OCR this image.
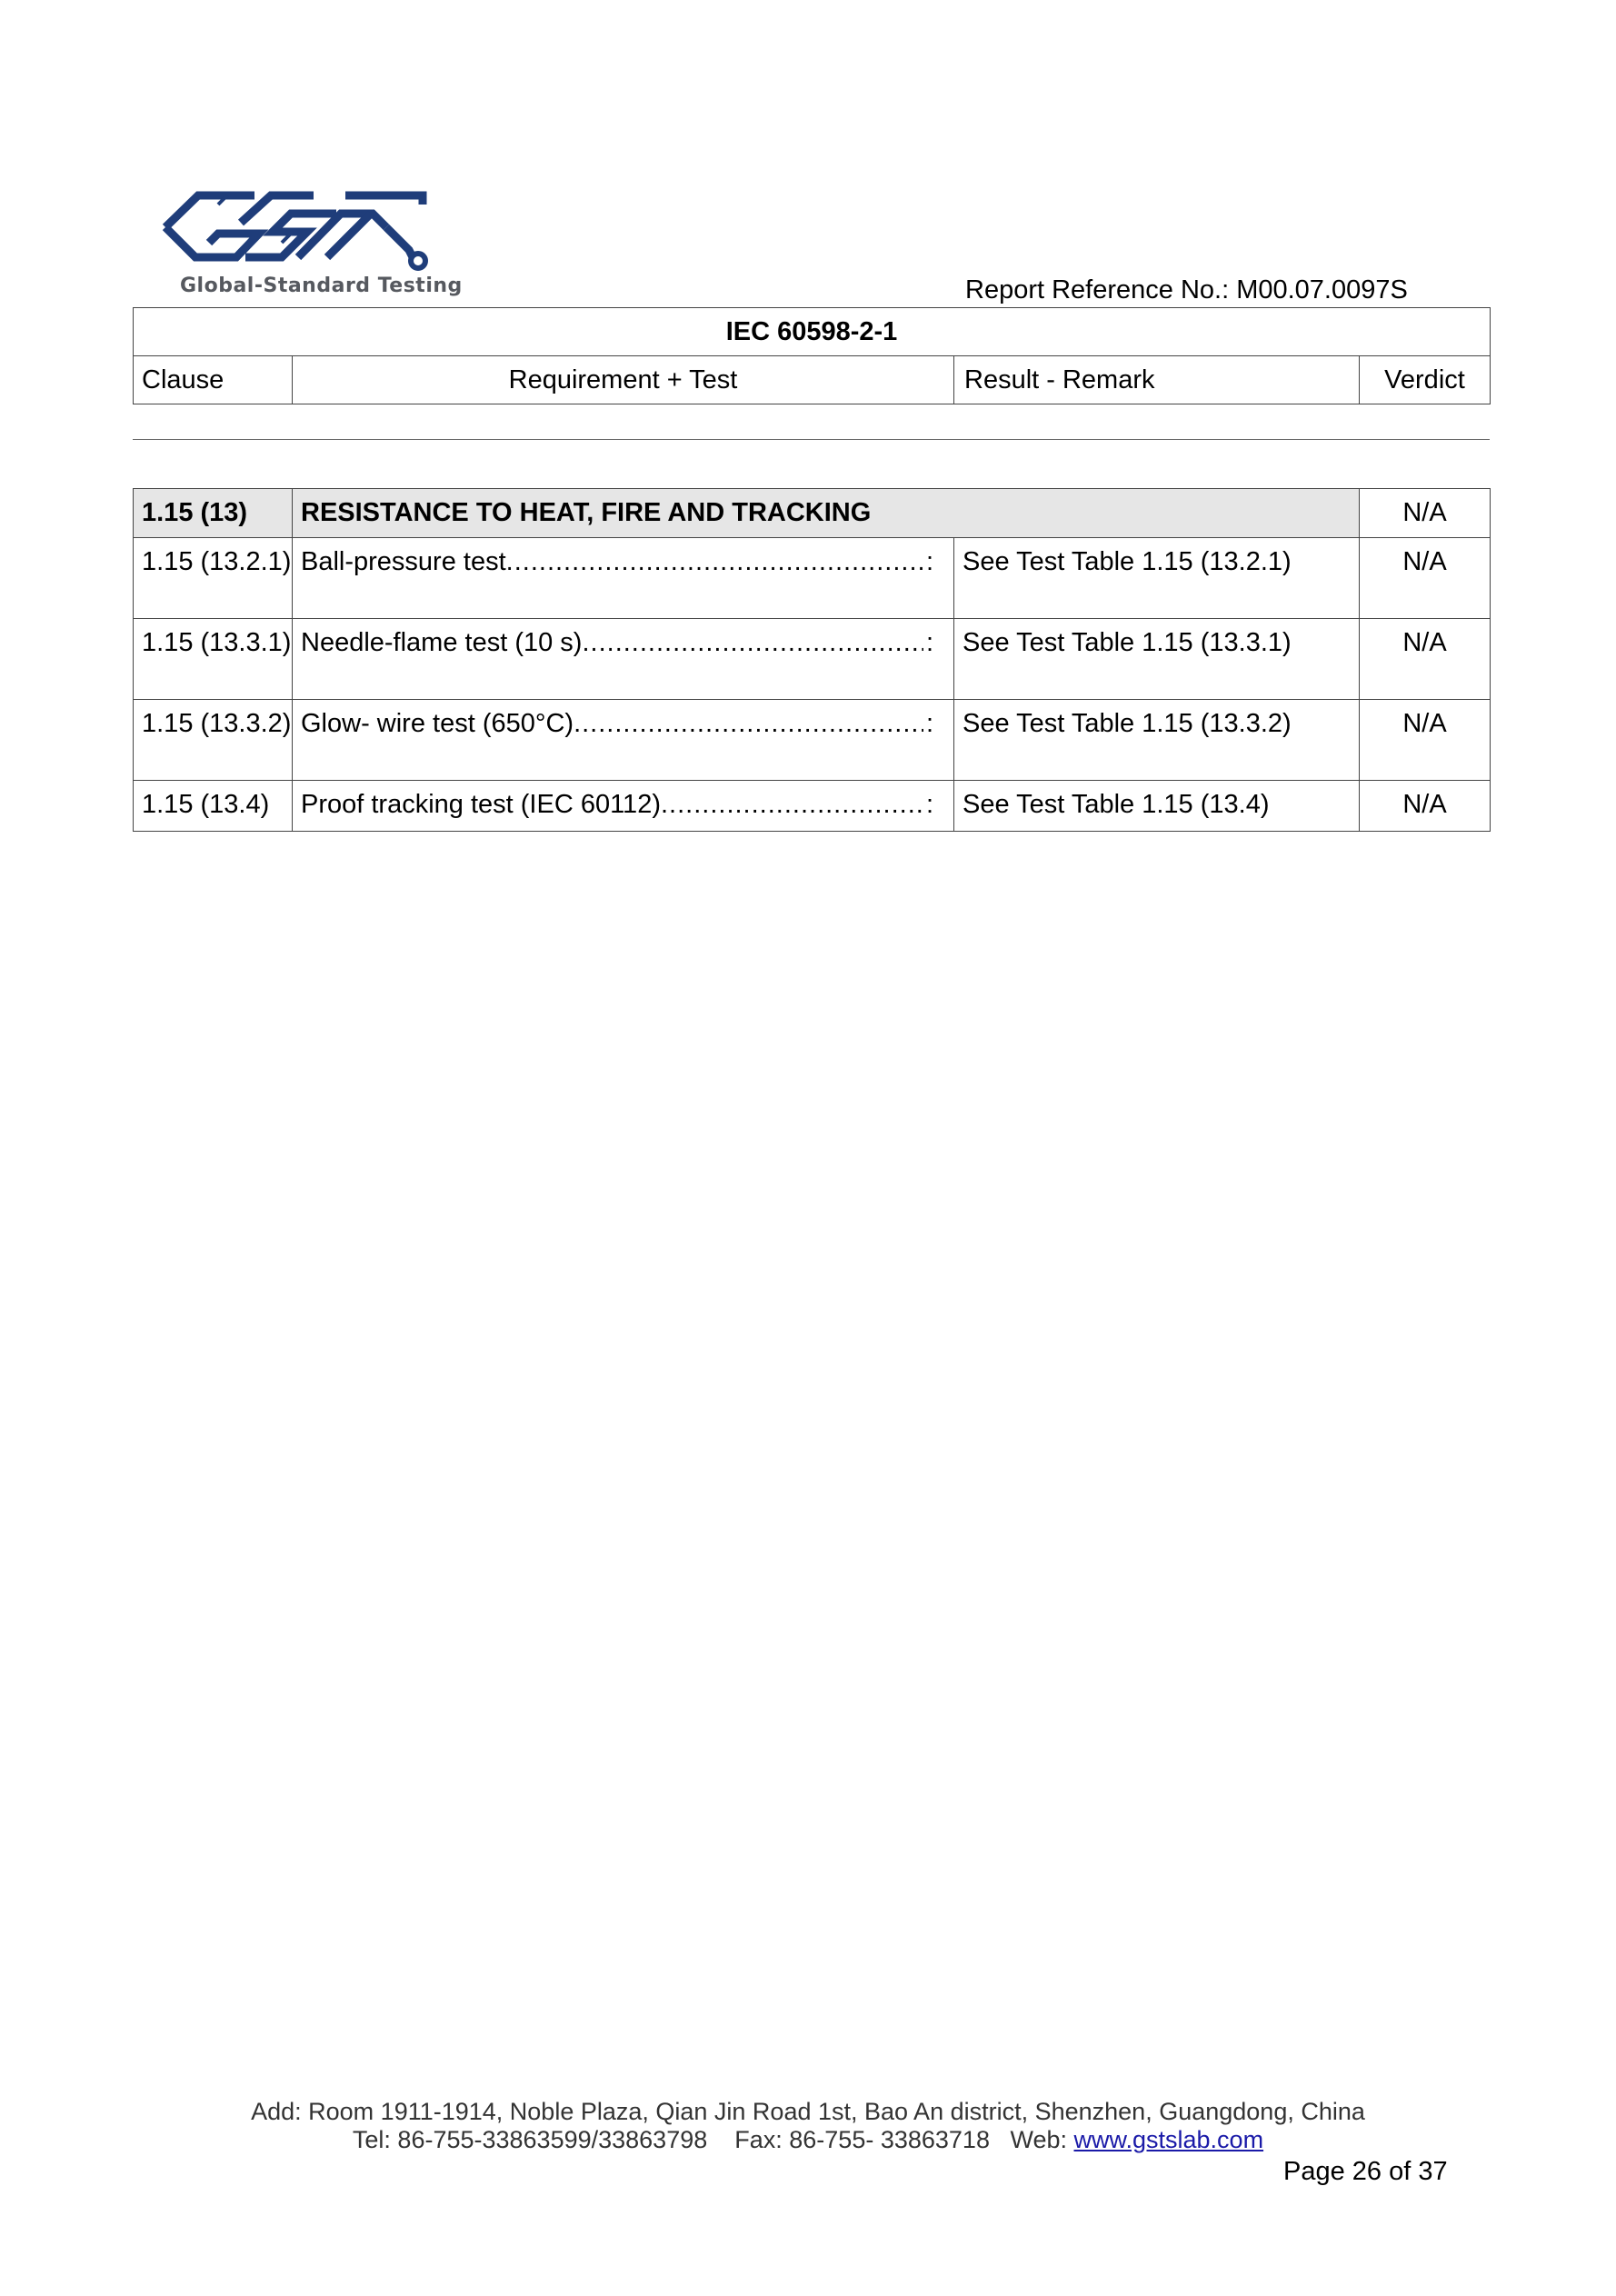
Global-Standard Testing	Report Reference No.: M00.07.0097S
IEC 60598-2-1
Clause	Requirement + Test	Result - Remark	Verdict
1.15 (13)	RESISTANCE TO HEAT, FIRE AND TRACKING		N/A
1.15 (13.2.1)	Ball-pressure test ..... :	See Test Table 1.15 (13.2.1)	N/A
1.15 (13.3.1)	Needle-flame test (10 s) ..... :	See Test Table 1.15 (13.3.1)	N/A
1.15 (13.3.2)	Glow- wire test (650°C) ..... :	See Test Table 1.15 (13.3.2)	N/A
1.15 (13.4)	Proof tracking test (IEC 60112) ..... :	See Test Table 1.15 (13.4)	N/A
Add: Room 1911-1914, Noble Plaza, Qian Jin Road 1st, Bao An district, Shenzhen, Guangdong, China
Tel: 86-755-33863599/33863798    Fax: 86-755- 33863718   Web: www.gstslab.com
Page 26 of 37
